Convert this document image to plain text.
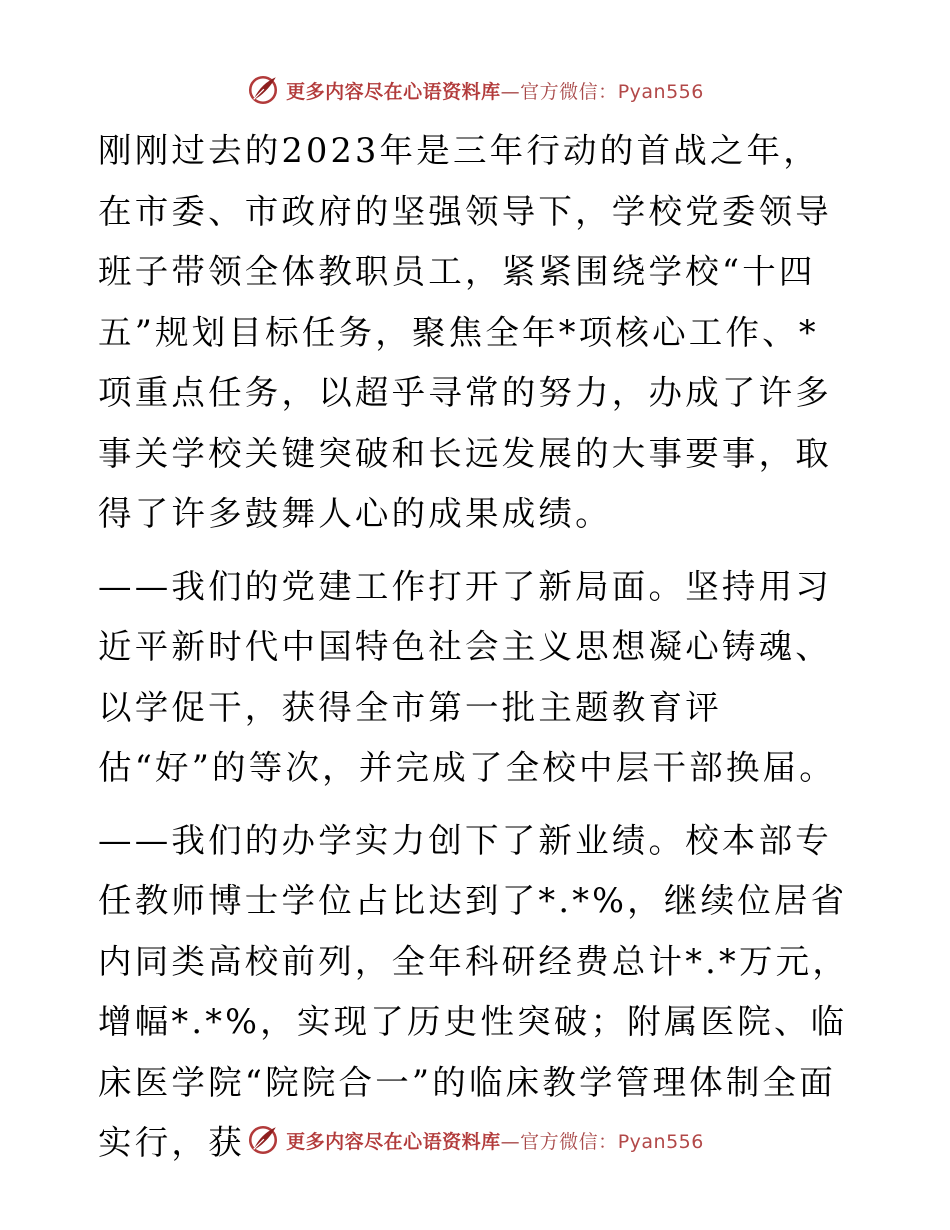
更多内容尽在心语资料库—官方微信：Pyan556

刚刚过去的2023年是三年行动的首战之年，在市委、市政府的坚强领导下，学校党委领导班子带领全体教职员工，紧紧围绕学校“十四五”规划目标任务，聚焦全年*项核心工作、*项重点任务，以超乎寻常的努力，办成了许多事关学校关键突破和长远发展的大事要事，取得了许多鼓舞人心的成果成绩。

——我们的党建工作打开了新局面。坚持用习近平新时代中国特色社会主义思想凝心铸魂、以学促干，获得全市第一批主题教育评估“好”的等次，并完成了全校中层干部换届。

——我们的办学实力创下了新业绩。校本部专任教师博士学位占比达到了*.*%，继续位居省内同类高校前列，全年科研经费总计*.*万元，增幅*.*%，实现了历史性突破；附属医院、临床医学院“院院合一”的临床教学管理体制全面实行，获	更多内容尽在心语资料库—官方微信：Pyan556
